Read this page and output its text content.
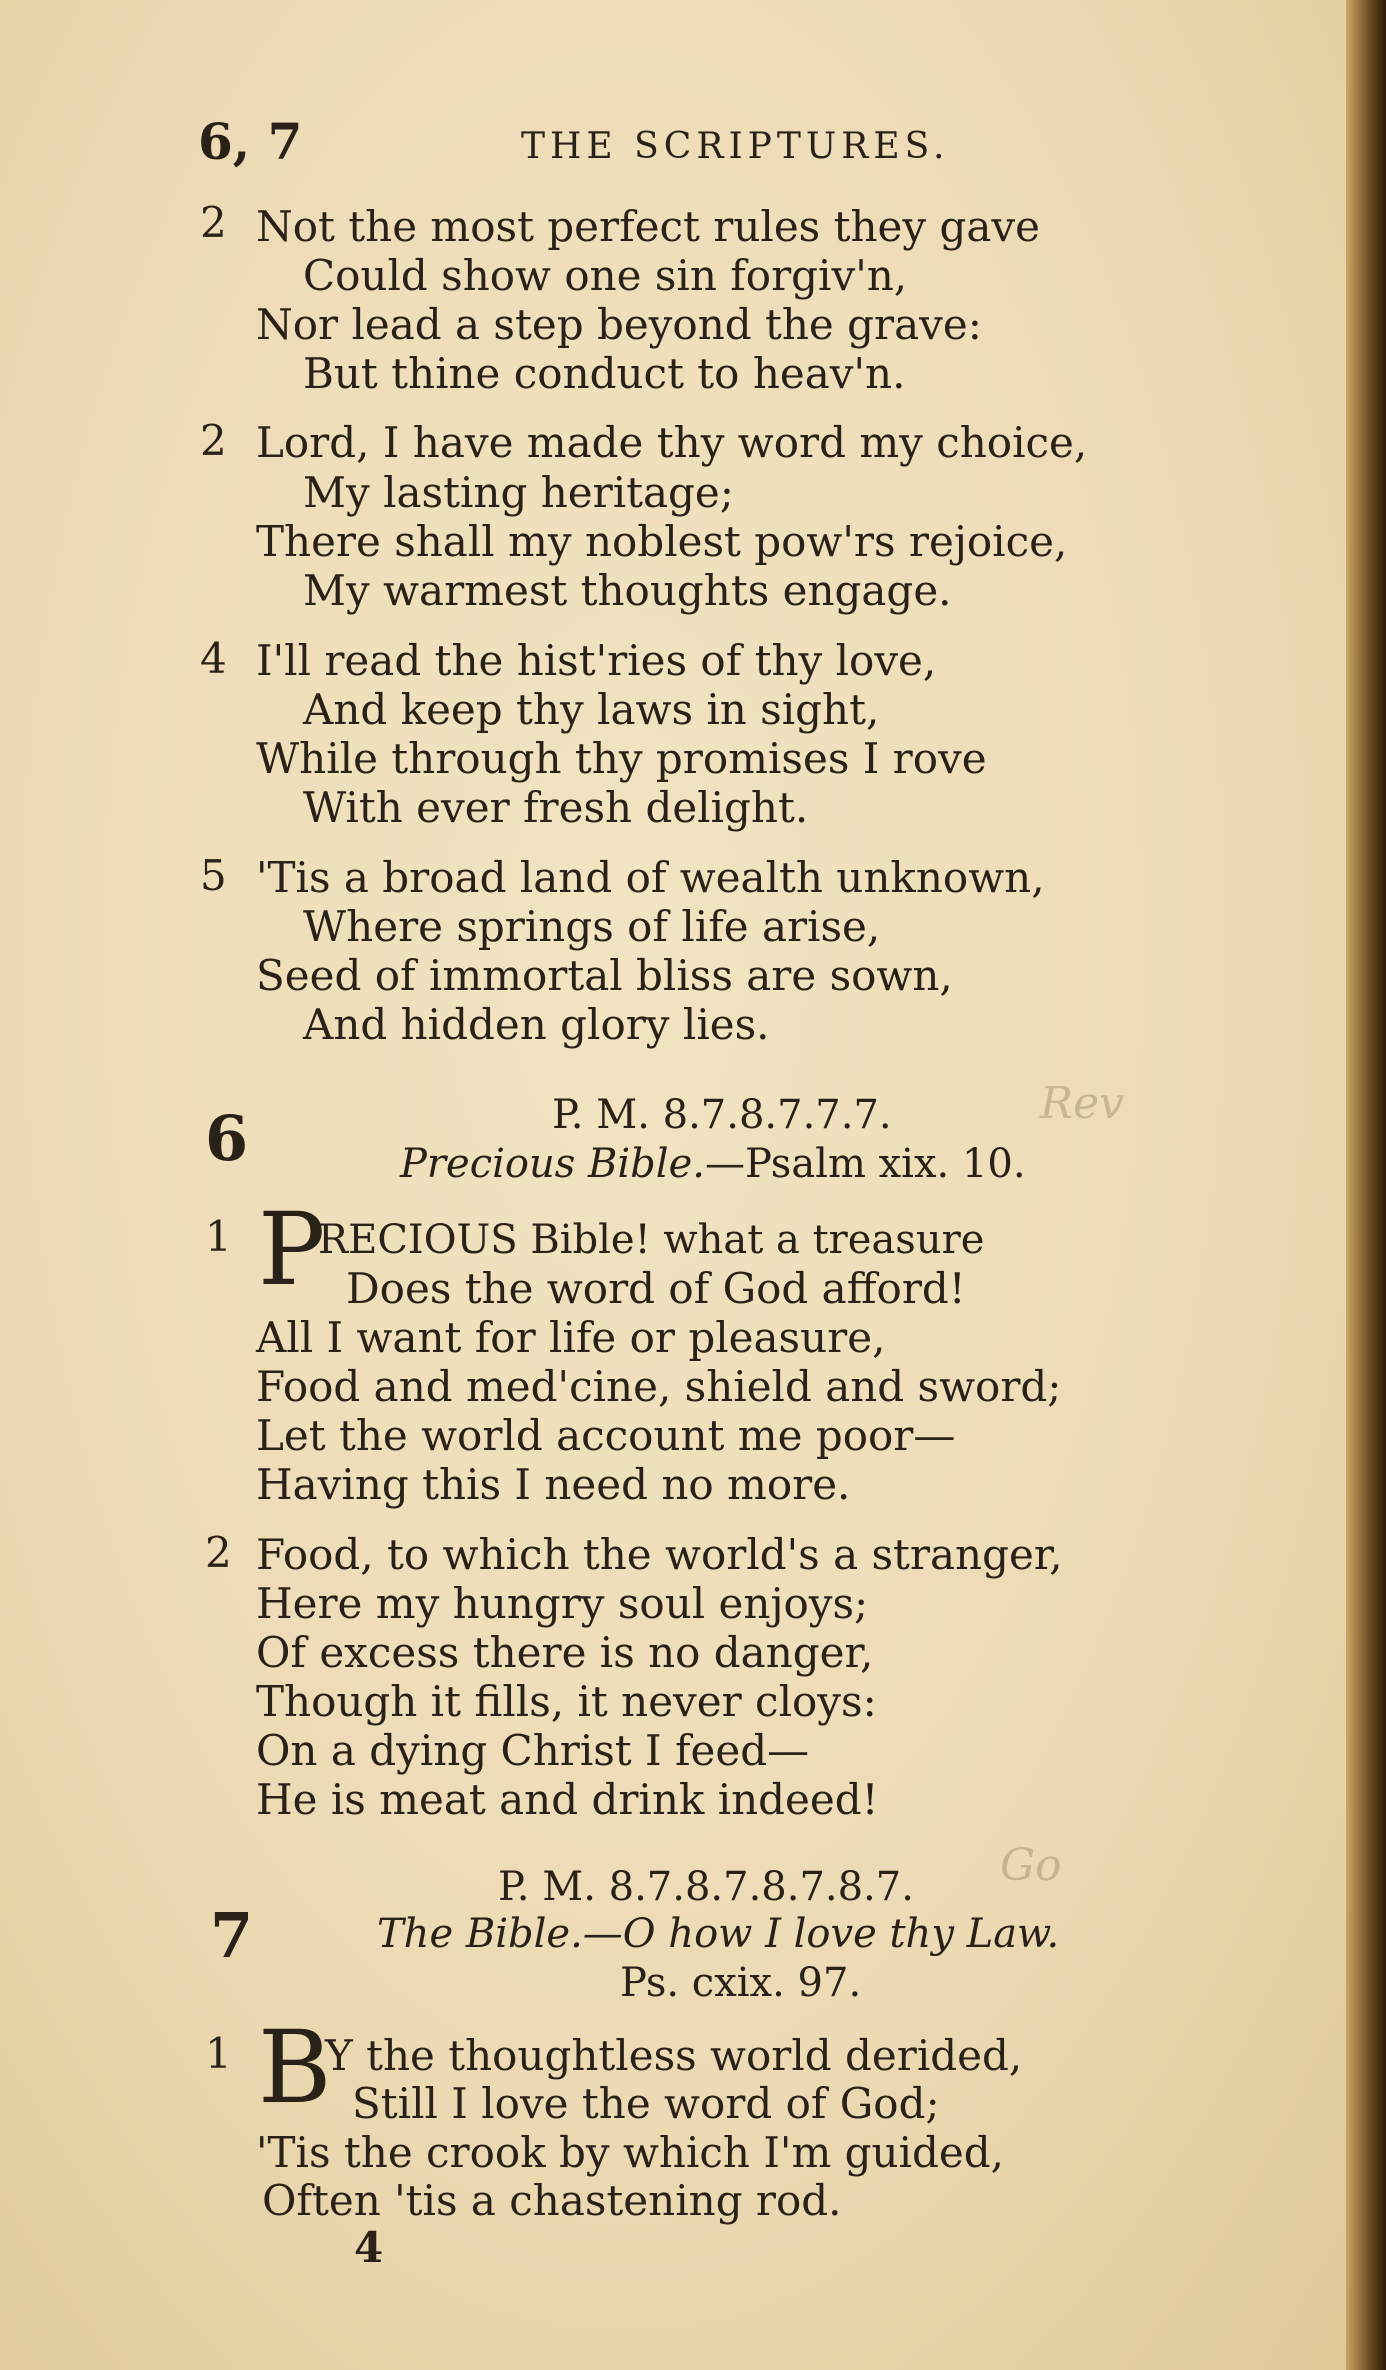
6, 7	THE SCRIPTURES.
2 Not the most perfect rules they gave
Could show one sin forgiv'n,
Nor lead a step beyond the grave:
But thine conduct to heav'n.
2 Lord, I have made thy word my choice,
My lasting heritage;
There shall my noblest pow'rs rejoice,
My warmest thoughts engage.
4 I'll read the hist'ries of thy love,
And keep thy laws in sight,
While through thy promises I rove
With ever fresh delight.
5 'Tis a broad land of wealth unknown,
Where springs of life arise,
Seed of immortal bliss are sown,
And hidden glory lies.
6	P. M. 8.7.8.7.7.7.	Rev
Precious Bible.—Psalm xix. 10.
1 P
RECIOUS Bible! what a treasure
Does the word of God afford!
All I want for life or pleasure,
Food and med'cine, shield and sword;
Let the world account me poor—
Having this I need no more.
2 Food, to which the world's a stranger,
Here my hungry soul enjoys;
Of excess there is no danger,
Though it fills, it never cloys:
On a dying Christ I feed—
He is meat and drink indeed!
P. M. 8.7.8.7.8.7.8.7. Go
7	The Bible.—O how I love thy Law.
Ps. cxix. 97.
1 B
Y the thoughtless world derided,
Still I love the word of God;
'Tis the crook by which I'm guided,
Often 'tis a chastening rod.
4
